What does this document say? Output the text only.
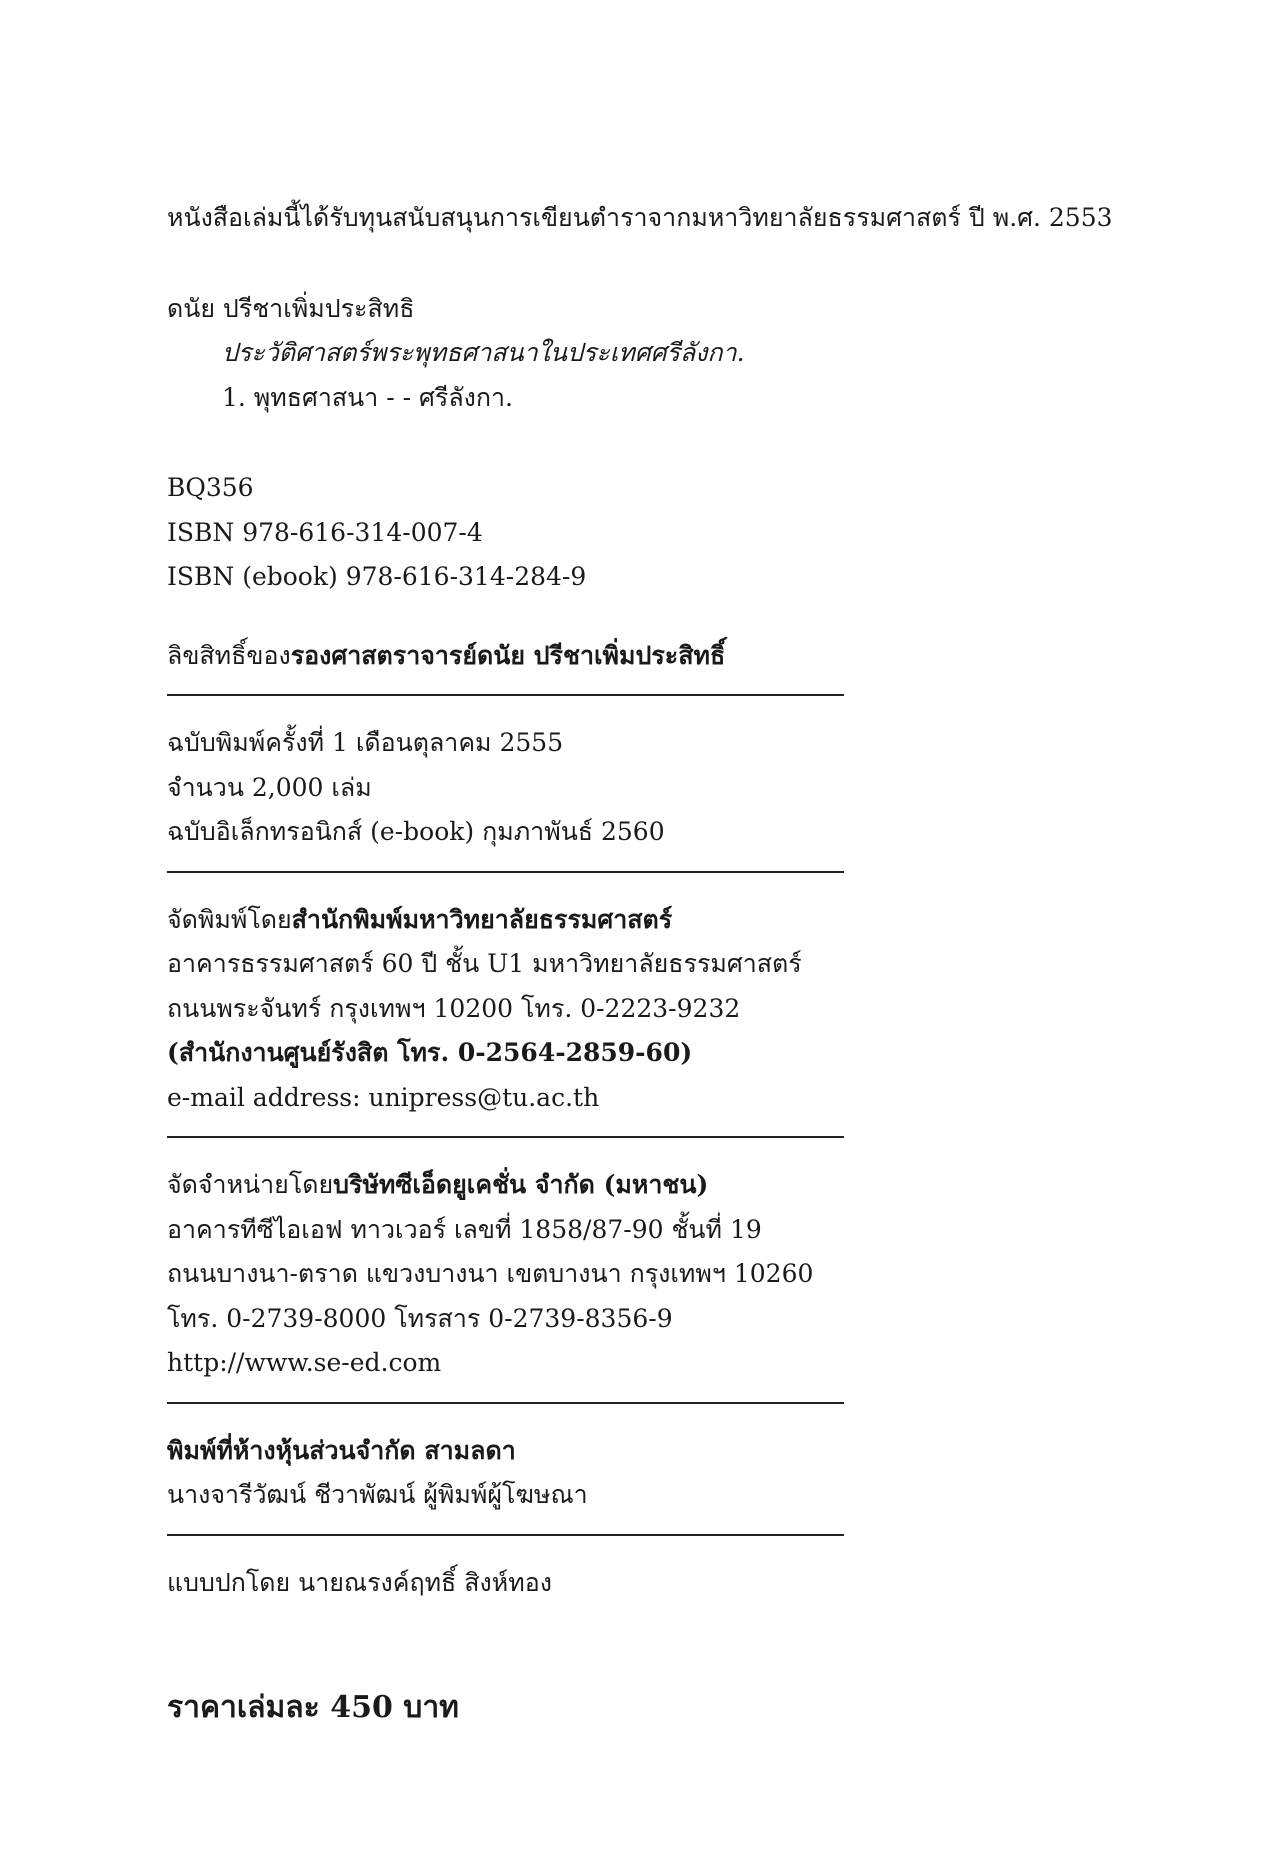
หนังสือเล่มนี้ได้รับทุนสนับสนุนการเขียนตำราจากมหาวิทยาลัยธรรมศาสตร์ ปี พ.ศ. 2553
ดนัย ปรีชาเพิ่มประสิทธิ
ประวัติศาสตร์พระพุทธศาสนาในประเทศศรีลังกา.
1. พุทธศาสนา - - ศรีลังกา.
BQ356
ISBN 978-616-314-007-4
ISBN (ebook) 978-616-314-284-9
ลิขสิทธิ์ของรองศาสตราจารย์ดนัย ปรีชาเพิ่มประสิทธิ์
ฉบับพิมพ์ครั้งที่ 1 เดือนตุลาคม 2555
จำนวน 2,000 เล่ม
ฉบับอิเล็กทรอนิกส์ (e-book) กุมภาพันธ์ 2560
จัดพิมพ์โดยสำนักพิมพ์มหาวิทยาลัยธรรมศาสตร์
อาคารธรรมศาสตร์ 60 ปี ชั้น U1 มหาวิทยาลัยธรรมศาสตร์
ถนนพระจันทร์ กรุงเทพฯ 10200 โทร. 0-2223-9232
(สำนักงานศูนย์รังสิต โทร. 0-2564-2859-60)
e-mail address: unipress@tu.ac.th
จัดจำหน่ายโดยบริษัทซีเอ็ดยูเคชั่น จำกัด (มหาชน)
อาคารทีซีไอเอฟ ทาวเวอร์ เลขที่ 1858/87-90 ชั้นที่ 19
ถนนบางนา-ตราด แขวงบางนา เขตบางนา กรุงเทพฯ 10260
โทร. 0-2739-8000 โทรสาร 0-2739-8356-9
http://www.se-ed.com
พิมพ์ที่ห้างหุ้นส่วนจำกัด สามลดา
นางจารีวัฒน์ ชีวาพัฒน์ ผู้พิมพ์ผู้โฆษณา
แบบปกโดย นายณรงค์ฤทธิ์ สิงห์ทอง
ราคาเล่มละ 450 บาท
